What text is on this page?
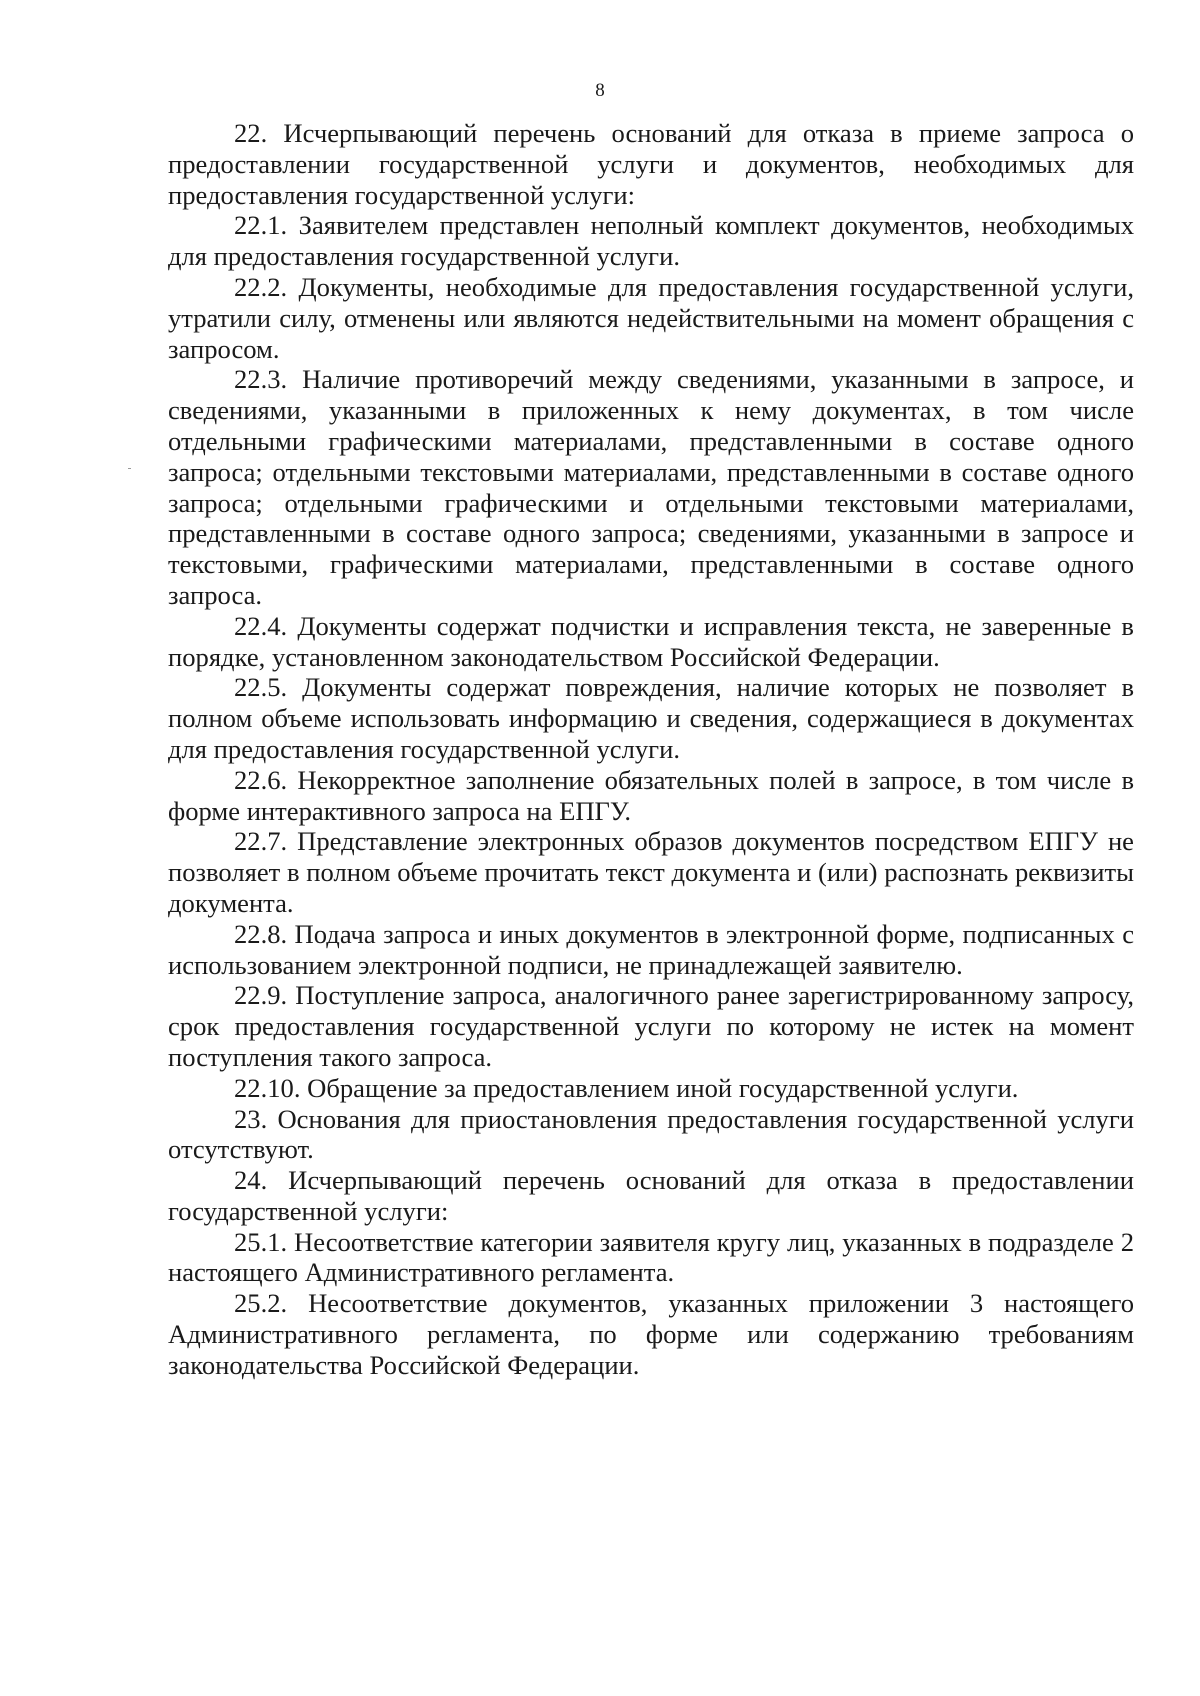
8

22. Исчерпывающий перечень оснований для отказа в приеме запроса о предоставлении государственной услуги и документов, необходимых для предоставления государственной услуги:

22.1. Заявителем представлен неполный комплект документов, необходимых для предоставления государственной услуги.

22.2. Документы, необходимые для предоставления государственной услуги, утратили силу, отменены или являются недействительными на момент обращения с запросом.

22.3. Наличие противоречий между сведениями, указанными в запросе, и сведениями, указанными в приложенных к нему документах, в том числе отдельными графическими материалами, представленными в составе одного запроса; отдельными текстовыми материалами, представленными в составе одного запроса; отдельными графическими и отдельными текстовыми материалами, представленными в составе одного запроса; сведениями, указанными в запросе и текстовыми, графическими материалами, представленными в составе одного запроса.

22.4. Документы содержат подчистки и исправления текста, не заверенные в порядке, установленном законодательством Российской Федерации.

22.5. Документы содержат повреждения, наличие которых не позволяет в полном объеме использовать информацию и сведения, содержащиеся в документах для предоставления государственной услуги.

22.6. Некорректное заполнение обязательных полей в запросе, в том числе в форме интерактивного запроса на ЕПГУ.

22.7. Представление электронных образов документов посредством ЕПГУ не позволяет в полном объеме прочитать текст документа и (или) распознать реквизиты документа.

22.8. Подача запроса и иных документов в электронной форме, подписанных с использованием электронной подписи, не принадлежащей заявителю.

22.9. Поступление запроса, аналогичного ранее зарегистрированному запросу, срок предоставления государственной услуги по которому не истек на момент поступления такого запроса.

22.10. Обращение за предоставлением иной государственной услуги.

23. Основания для приостановления предоставления государственной услуги отсутствуют.

24. Исчерпывающий перечень оснований для отказа в предоставлении государственной услуги:

25.1. Несоответствие категории заявителя кругу лиц, указанных в подразделе 2 настоящего Административного регламента.

25.2. Несоответствие документов, указанных приложении 3 настоящего Административного регламента, по форме или содержанию требованиям законодательства Российской Федерации.
